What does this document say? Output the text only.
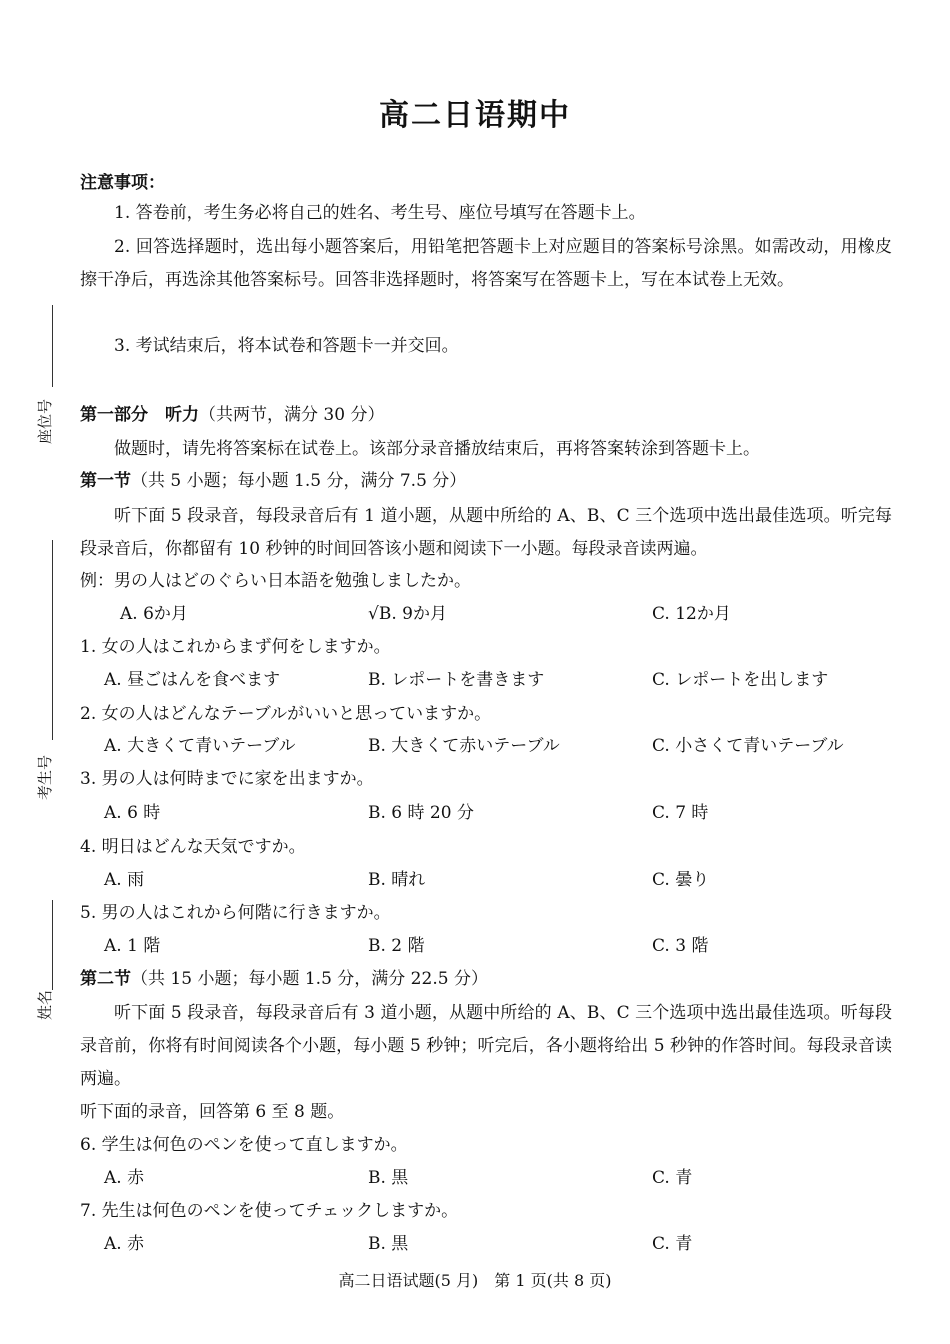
高二日语期中
注意事项：
1. 答卷前，考生务必将自己的姓名、考生号、座位号填写在答题卡上。
2. 回答选择题时，选出每小题答案后，用铅笔把答题卡上对应题目的答案标号涂黑。如需改动，用橡皮擦干净后，再选涂其他答案标号。回答非选择题时，将答案写在答题卡上，写在本试卷上无效。
3. 考试结束后，将本试卷和答题卡一并交回。
座位号
考生号
姓名
第一部分　听力（共两节，满分 30 分）
做题时，请先将答案标在试卷上。该部分录音播放结束后，再将答案转涂到答题卡上。
第一节（共 5 小题；每小题 1.5 分，满分 7.5 分）
听下面 5 段录音，每段录音后有 1 道小题，从题中所给的 A、B、C 三个选项中选出最佳选项。听完每段录音后，你都留有 10 秒钟的时间回答该小题和阅读下一小题。每段录音读两遍。
例：男の人はどのぐらい日本語を勉強しましたか。
A. 6か月	√B. 9か月	C. 12か月
1. 女の人はこれからまず何をしますか。
A. 昼ごはんを食べます	B. レポートを書きます	C. レポートを出します
2. 女の人はどんなテーブルがいいと思っていますか。
A. 大きくて青いテーブル	B. 大きくて赤いテーブル	C. 小さくて青いテーブル
3. 男の人は何時までに家を出ますか。
A. 6 時	B. 6 時 20 分	C. 7 時
4. 明日はどんな天気ですか。
A. 雨	B. 晴れ	C. 曇り
5. 男の人はこれから何階に行きますか。
A. 1 階	B. 2 階	C. 3 階
第二节（共 15 小题；每小题 1.5 分，满分 22.5 分）
听下面 5 段录音，每段录音后有 3 道小题，从题中所给的 A、B、C 三个选项中选出最佳选项。听每段录音前，你将有时间阅读各个小题，每小题 5 秒钟；听完后，各小题将给出 5 秒钟的作答时间。每段录音读两遍。
听下面的录音，回答第 6 至 8 题。
6. 学生は何色のペンを使って直しますか。
A. 赤	B. 黒	C. 青
7. 先生は何色のペンを使ってチェックしますか。
A. 赤	B. 黒	C. 青
高二日语试题(5 月)　第 1 页(共 8 页)
